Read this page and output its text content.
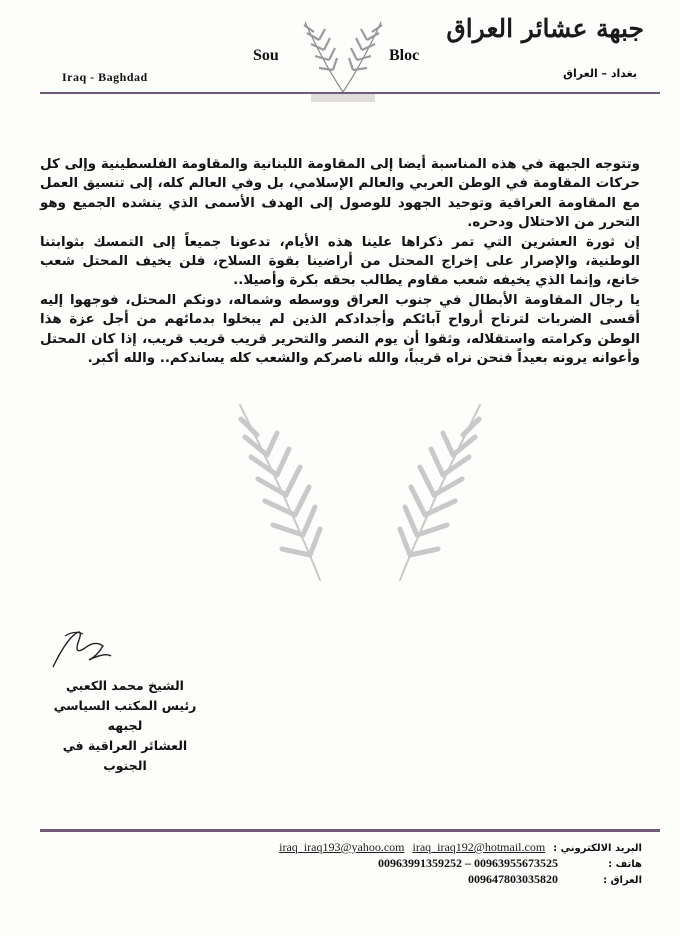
جبهة عشائر العراق
Sou	Bloc
Iraq - Baghdad	بغداد – العراق

وتتوجه الجبهة في هذه المناسبة أيضا إلى المقاومة اللبنانية والمقاومة الفلسطينية وإلى كل حركات المقاومة في الوطن العربي والعالم الإسلامي، بل وفي العالم كله، إلى تنسيق العمل مع المقاومة العراقية وتوحيد الجهود للوصول إلى الهدف الأسمى الذي ينشده الجميع وهو التحرر من الاحتلال ودحره.

إن ثورة العشرين التي تمر ذكراها علينا هذه الأيام، تدعونا جميعاً إلى التمسك بثوابتنا الوطنية، والإصرار على إخراج المحتل من أراضينا بقوة السلاح، فلن يخيف المحتل شعب خانع، وإنما الذي يخيفه شعب مقاوم يطالب بحقه بكرة وأصيلا..

يا رجال المقاومة الأبطال في جنوب العراق ووسطه وشماله، دونكم المحتل، فوجهوا إليه أقسى الضربات لترتاح أرواح آبائكم وأجدادكم الذين لم يبخلوا بدمائهم من أجل عزة هذا الوطن وكرامته واستقلاله، وثقوا أن يوم النصر والتحرير قريب قريب قريب، إذا كان المحتل وأعوانه يرونه بعيداً فنحن نراه قريباً، والله ناصركم والشعب كله يساندكم.. والله أكبر.

الشيخ محمد الكعبي
رئيس المكتب السياسي لجبهه
العشائر العراقية في الجنوب
iraq_iraq193@yahoo.com iraq_iraq192@hotmail.com البريد الالكتروني :
00963991359252 – 00963955673525	هاتف :
009647803035820	العراق :
